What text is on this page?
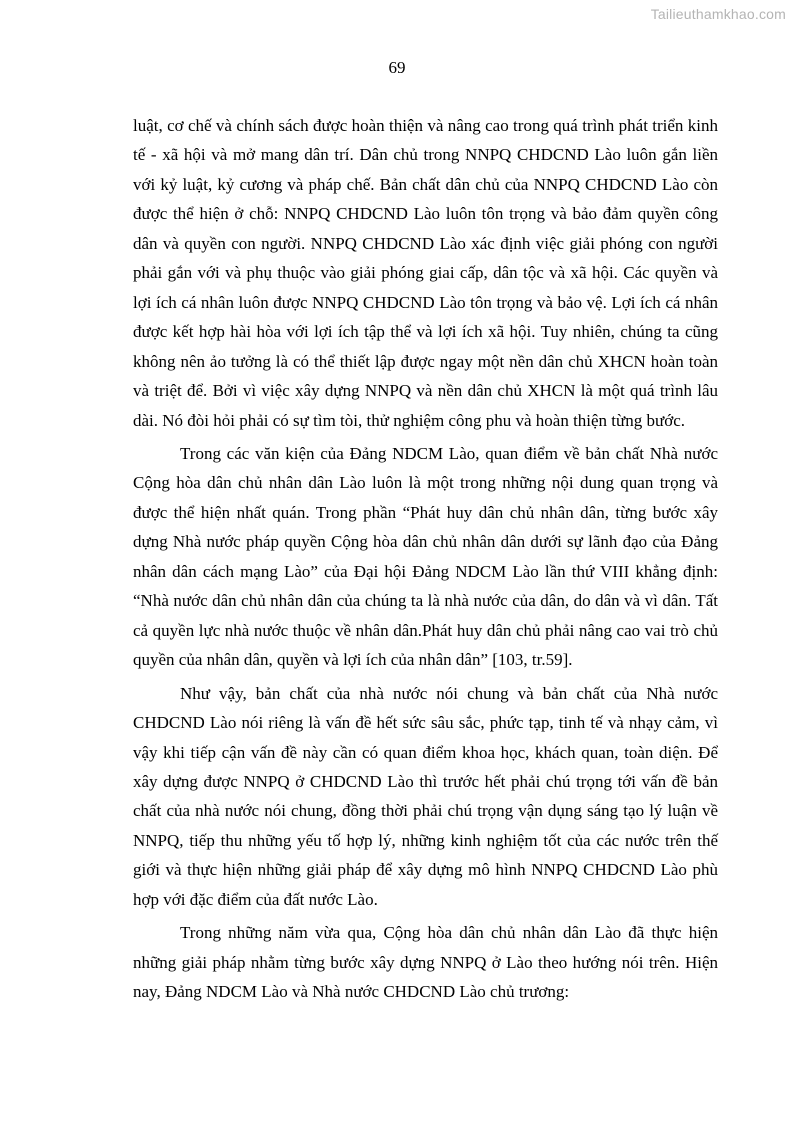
Tailieuthamkhao.com
69

luật, cơ chế và chính sách được hoàn thiện và nâng cao trong quá trình phát triển kinh tế - xã hội và mở mang dân trí. Dân chủ trong NNPQ CHDCND Lào luôn gắn liền với kỷ luật, kỷ cương và pháp chế. Bản chất dân chủ của NNPQ CHDCND Lào còn được thể hiện ở chỗ: NNPQ CHDCND Lào luôn tôn trọng và bảo đảm quyền công dân và quyền con người. NNPQ CHDCND Lào xác định việc giải phóng con người phải gắn với và phụ thuộc vào giải phóng giai cấp, dân tộc và xã hội. Các quyền và lợi ích cá nhân luôn được NNPQ CHDCND Lào tôn trọng và bảo vệ. Lợi ích cá nhân được kết hợp hài hòa với lợi ích tập thể và lợi ích xã hội. Tuy nhiên, chúng ta cũng không nên ảo tưởng là có thể thiết lập được ngay một nền dân chủ XHCN hoàn toàn và triệt để. Bởi vì việc xây dựng NNPQ và nền dân chủ XHCN là một quá trình lâu dài. Nó đòi hỏi phải có sự tìm tòi, thử nghiệm công phu và hoàn thiện từng bước.

Trong các văn kiện của Đảng NDCM Lào, quan điểm về bản chất Nhà nước Cộng hòa dân chủ nhân dân Lào luôn là một trong những nội dung quan trọng và được thể hiện nhất quán. Trong phần “Phát huy dân chủ nhân dân, từng bước xây dựng Nhà nước pháp quyền Cộng hòa dân chủ nhân dân dưới sự lãnh đạo của Đảng nhân dân cách mạng Lào” của Đại hội Đảng NDCM Lào lần thứ VIII khẳng định: “Nhà nước dân chủ nhân dân của chúng ta là nhà nước của dân, do dân và vì dân. Tất cả quyền lực nhà nước thuộc về nhân dân.Phát huy dân chủ phải nâng cao vai trò chủ quyền của nhân dân, quyền và lợi ích của nhân dân” [103, tr.59].

Như vậy, bản chất của nhà nước nói chung và bản chất của Nhà nước CHDCND Lào nói riêng là vấn đề hết sức sâu sắc, phức tạp, tinh tế và nhạy cảm, vì vậy khi tiếp cận vấn đề này cần có quan điểm khoa học, khách quan, toàn diện. Để xây dựng được NNPQ ở CHDCND Lào thì trước hết phải chú trọng tới vấn đề bản chất của nhà nước nói chung, đồng thời phải chú trọng vận dụng sáng tạo lý luận về NNPQ, tiếp thu những yếu tố hợp lý, những kinh nghiệm tốt của các nước trên thế giới và thực hiện những giải pháp để xây dựng mô hình NNPQ CHDCND Lào phù hợp với đặc điểm của đất nước Lào.

Trong những năm vừa qua, Cộng hòa dân chủ nhân dân Lào đã thực hiện những giải pháp nhằm từng bước xây dựng NNPQ ở Lào theo hướng nói trên. Hiện nay, Đảng NDCM Lào và Nhà nước CHDCND Lào chủ trương:
